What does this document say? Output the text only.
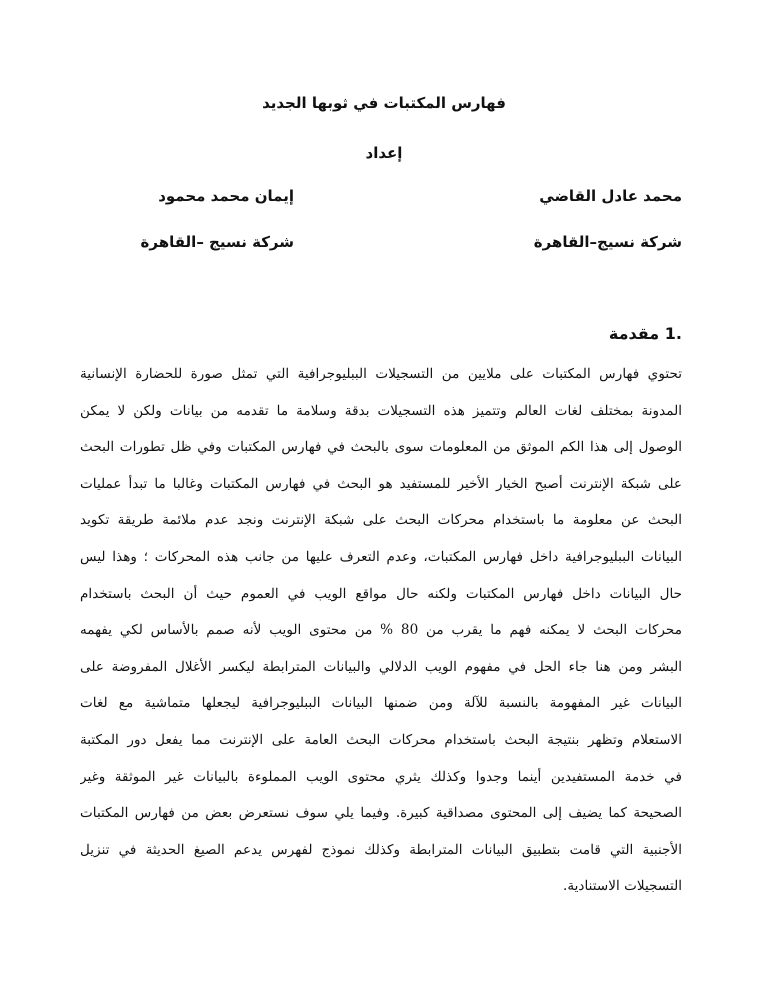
فهارس المكتبات في ثوبها الجديد
إعداد
محمد عادل القاضي
إيمان محمد محمود
شركة نسيج–القاهرة
شركة نسيج –القاهرة
.1 مقدمة
تحتوي فهارس المكتبات على ملايين من التسجيلات الببليوجرافية التي تمثل صورة للحضارة الإنسانية
المدونة بمختلف لغات العالم وتتميز هذه التسجيلات بدقة وسلامة ما تقدمه من بيانات ولكن لا يمكن
الوصول إلى هذا الكم الموثق من المعلومات سوى بالبحث في فهارس المكتبات وفي ظل تطورات البحث
على شبكة الإنترنت أصبح الخيار الأخير للمستفيد هو البحث في فهارس المكتبات وغالبا ما تبدأ عمليات
البحث عن معلومة ما باستخدام محركات البحث على شبكة الإنترنت ونجد عدم ملائمة طريقة تكويد
البيانات الببليوجرافية داخل فهارس المكتبات، وعدم التعرف عليها من جانب هذه المحركات ؛ وهذا ليس
حال البيانات داخل فهارس المكتبات ولكنه حال مواقع الويب في العموم حيث أن البحث باستخدام
محركات البحث لا يمكنه فهم ما يقرب من 80 % من محتوى الويب لأنه صمم بالأساس لكي يفهمه
البشر ومن هنا جاء الحل في مفهوم الويب الدلالي والبيانات المترابطة ليكسر الأغلال المفروضة على
البيانات غير المفهومة بالنسبة للآلة ومن ضمنها البيانات الببليوجرافية ليجعلها متماشية مع لغات
الاستعلام وتظهر بنتيجة البحث باستخدام محركات البحث العامة على الإنترنت مما يفعل دور المكتبة
في خدمة المستفيدين أينما وجدوا وكذلك يثري محتوى الويب المملوءة بالبيانات غير الموثقة وغير
الصحيحة كما يضيف إلى المحتوى مصداقية كبيرة. وفيما يلي سوف نستعرض بعض من فهارس المكتبات
الأجنبية التي قامت بتطبيق البيانات المترابطة وكذلك نموذج لفهرس يدعم الصيغ الحديثة في تنزيل
التسجيلات الاستنادية.
